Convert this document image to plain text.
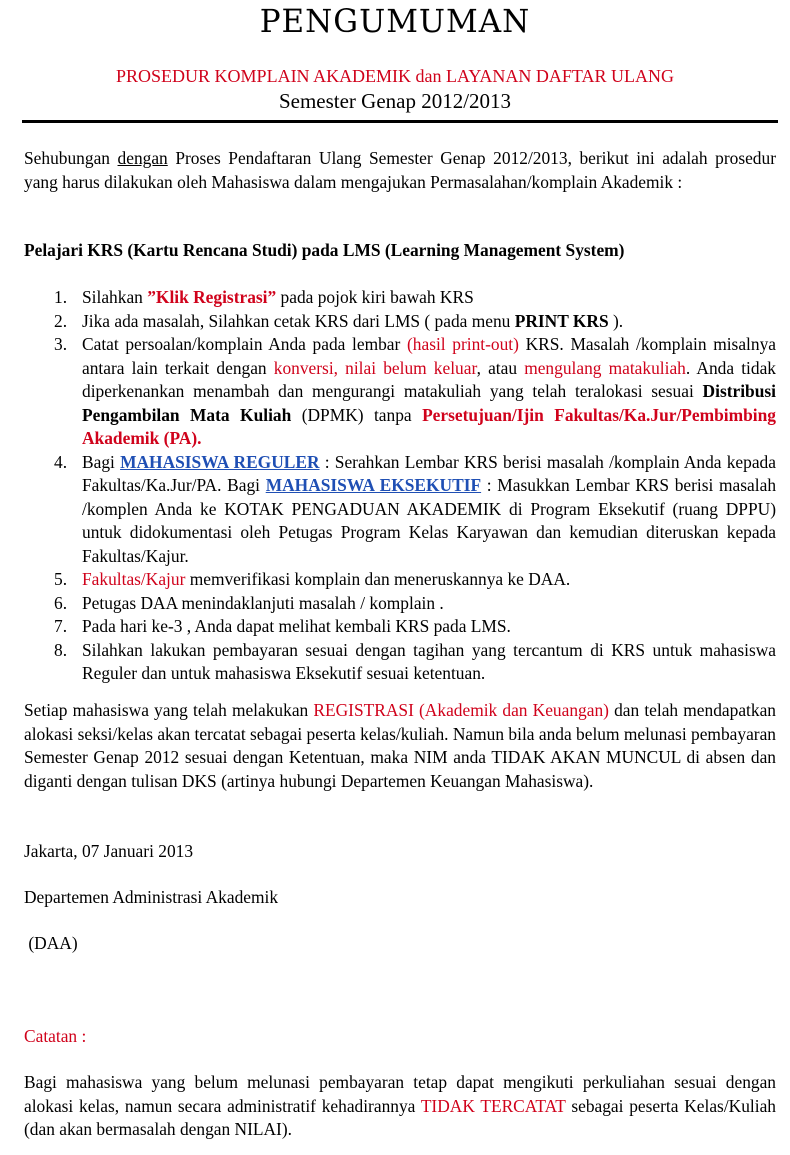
PENGUMUMAN
PROSEDUR KOMPLAIN AKADEMIK dan LAYANAN DAFTAR ULANG
Semester Genap 2012/2013

Sehubungan dengan Proses Pendaftaran Ulang Semester Genap 2012/2013, berikut ini adalah prosedur yang harus dilakukan oleh Mahasiswa dalam mengajukan Permasalahan/komplain Akademik :

Pelajari KRS (Kartu Rencana Studi) pada LMS (Learning Management System)

1. Silahkan ”Klik Registrasi” pada pojok kiri bawah KRS
2. Jika ada masalah, Silahkan cetak KRS dari LMS ( pada menu PRINT KRS ).
3. Catat persoalan/komplain Anda pada lembar (hasil print-out) KRS. Masalah /komplain misalnya antara lain terkait dengan konversi, nilai belum keluar, atau mengulang matakuliah. Anda tidak diperkenankan menambah dan mengurangi matakuliah yang telah teralokasi sesuai Distribusi Pengambilan Mata Kuliah (DPMK) tanpa Persetujuan/Ijin Fakultas/Ka.Jur/Pembimbing Akademik (PA).
4. Bagi MAHASISWA REGULER : Serahkan Lembar KRS berisi masalah /komplain Anda kepada Fakultas/Ka.Jur/PA. Bagi MAHASISWA EKSEKUTIF : Masukkan Lembar KRS berisi masalah /komplen Anda ke KOTAK PENGADUAN AKADEMIK di Program Eksekutif (ruang DPPU) untuk didokumentasi oleh Petugas Program Kelas Karyawan dan kemudian diteruskan kepada Fakultas/Kajur.
5. Fakultas/Kajur memverifikasi komplain dan meneruskannya ke DAA.
6. Petugas DAA menindaklanjuti masalah / komplain .
7. Pada hari ke-3 , Anda dapat melihat kembali KRS pada LMS.
8. Silahkan lakukan pembayaran sesuai dengan tagihan yang tercantum di KRS untuk mahasiswa Reguler dan untuk mahasiswa Eksekutif sesuai ketentuan.

Setiap mahasiswa yang telah melakukan REGISTRASI (Akademik dan Keuangan) dan telah mendapatkan alokasi seksi/kelas akan tercatat sebagai peserta kelas/kuliah. Namun bila anda belum melunasi pembayaran Semester Genap 2012 sesuai dengan Ketentuan, maka NIM anda TIDAK AKAN MUNCUL di absen dan diganti dengan tulisan DKS (artinya hubungi Departemen Keuangan Mahasiswa).

Jakarta, 07 Januari 2013

Departemen Administrasi Akademik

(DAA)

Catatan :

Bagi mahasiswa yang belum melunasi pembayaran tetap dapat mengikuti perkuliahan sesuai dengan alokasi kelas, namun secara administratif kehadirannya TIDAK TERCATAT sebagai peserta Kelas/Kuliah (dan akan bermasalah dengan NILAI).
